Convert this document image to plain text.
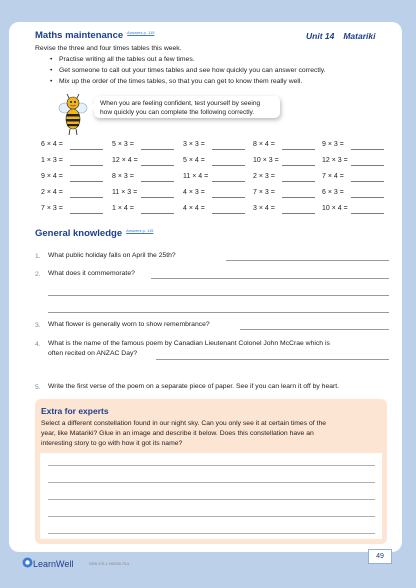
Unit 14 Matariki
Maths maintenance $^{Answers p. 115}$
Revise the three and four times tables this week.
• Practise writing all the tables out a few times.
• Get someone to call out your times tables and see how quickly you can answer correctly.
• Mix up the order of the times tables, so that you can get to know them really well.
When you are feeling confident, test yourself by seeing
how quickly you can complete the following correctly.
6 × 4 =	5 × 3 =	3 × 3 =	8 × 4 =	9 × 3 =
1 × 3 =	12 × 4 =	5 × 4 =	10 × 3 =	12 × 3 =
9 × 4 =	8 × 3 =	11 × 4 =	2 × 3 =	7 × 4 =
2 × 4 =	11 × 3 =	4 × 3 =	7 × 3 =	6 × 3 =
7 × 3 =	1 × 4 =	4 × 4 =	3 × 4 =	10 × 4 =
General knowledge $^{Answers p. 115}$
1. What public holiday falls on April the 25th?
2. What does it commemorate?
3. What flower is generally worn to show remembrance?
4. What is the name of the famous poem by Canadian Lieutenant Colonel John McCrae which is
often recited on ANZAC Day?
5. Write the first verse of the poem on a separate piece of paper. See if you can learn it off by heart.
Extra for experts
Select a different constellation found in our night sky. Can you only see it at certain times of the
year, like Matariki? Glue in an image and describe it below. Does this constellation have an
interesting story to go with how it got its name?
LearnWell	ISBN 978-1-990035-75-5
49
